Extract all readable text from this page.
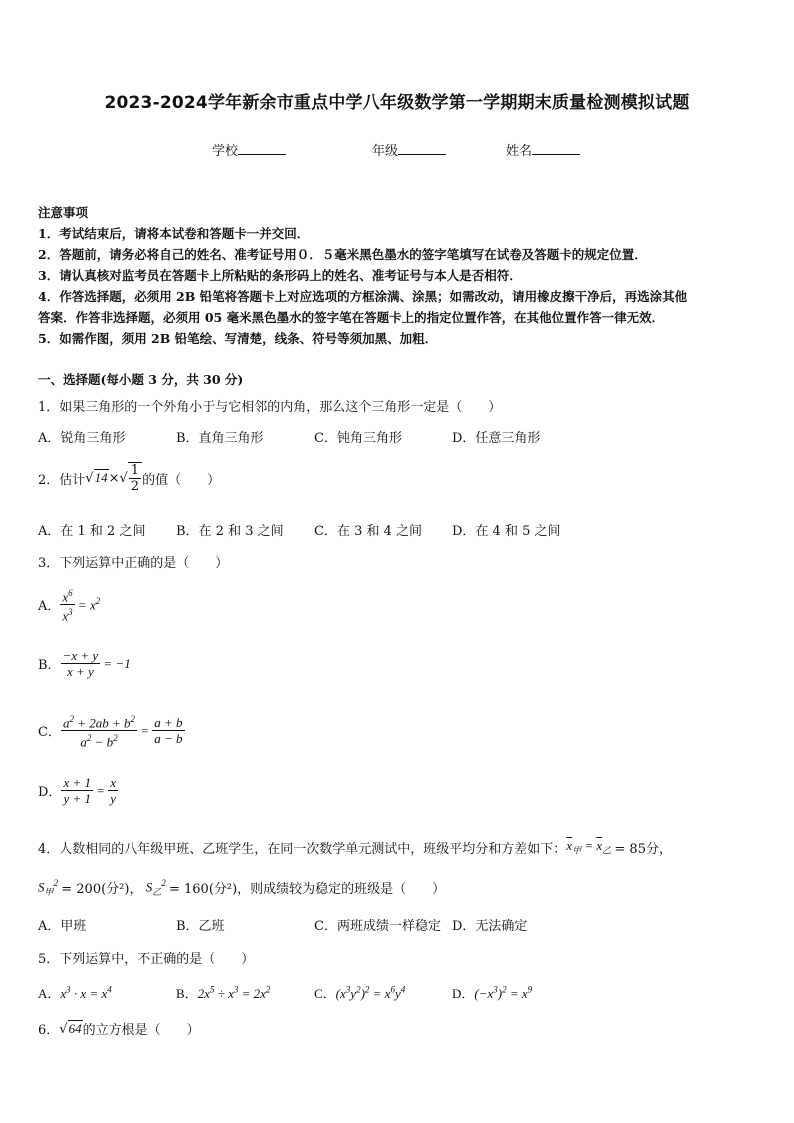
2023-2024学年新余市重点中学八年级数学第一学期期末质量检测模拟试题
学校	年级	姓名
注意事项
1．考试结束后，请将本试卷和答题卡一并交回．
2．答题前，请务必将自己的姓名、准考证号用０．５毫米黑色墨水的签字笔填写在试卷及答题卡的规定位置．
3．请认真核对监考员在答题卡上所粘贴的条形码上的姓名、准考证号与本人是否相符．
4．作答选择题，必须用 2B 铅笔将答题卡上对应选项的方框涂满、涂黑；如需改动，请用橡皮擦干净后，再选涂其他
答案．作答非选择题，必须用 05 毫米黑色墨水的签字笔在答题卡上的指定位置作答，在其他位置作答一律无效．
5．如需作图，须用 2B 铅笔绘、写清楚，线条、符号等须加黑、加粗．
一、选择题(每小题 3 分，共 30 分)
1．如果三角形的一个外角小于与它相邻的内角，那么这个三角形一定是（　　）
A．锐角三角形	B．直角三角形	C．钝角三角形	D．任意三角形
2．估计 √14 × √ $\frac{1}{2}$ 的值（　　）
A．在 1 和 2 之间 B．在 2 和 3 之间 C．在 3 和 4 之间 D．在 4 和 5 之间
3．下列运算中正确的是（　　）
A． $\frac{x^6}{x^3} = x^2$
B． $\frac{-x + y}{x + y} = -1$
C． $\frac{a^2 + 2ab + b^2}{a^2 - b^2} = \frac{a + b}{a - b}$
D． $\frac{x + 1}{y + 1} = \frac{x}{y}$
4．人数相同的八年级甲班、乙班学生，在同一次数学单元测试中，班级平均分和方差如下： $\overline{x}_甲 = \overline{x}_乙 = 85$分，
$S_甲^2 = 200$(分²)， $S_乙^2 = 160$(分²)，则成绩较为稳定的班级是（　　）
A．甲班	B．乙班	C．两班成绩一样稳定 D．无法确定
5．下列运算中，不正确的是（　　）
A．$x^3 \cdot x = x^4$	B．$2x^5 \div x^3 = 2x^2$	C．$(x^3y^2)^2 = x^6y^4$	D．$(-x^3)^2 = x^9$
6． √64 的立方根是（　　）
